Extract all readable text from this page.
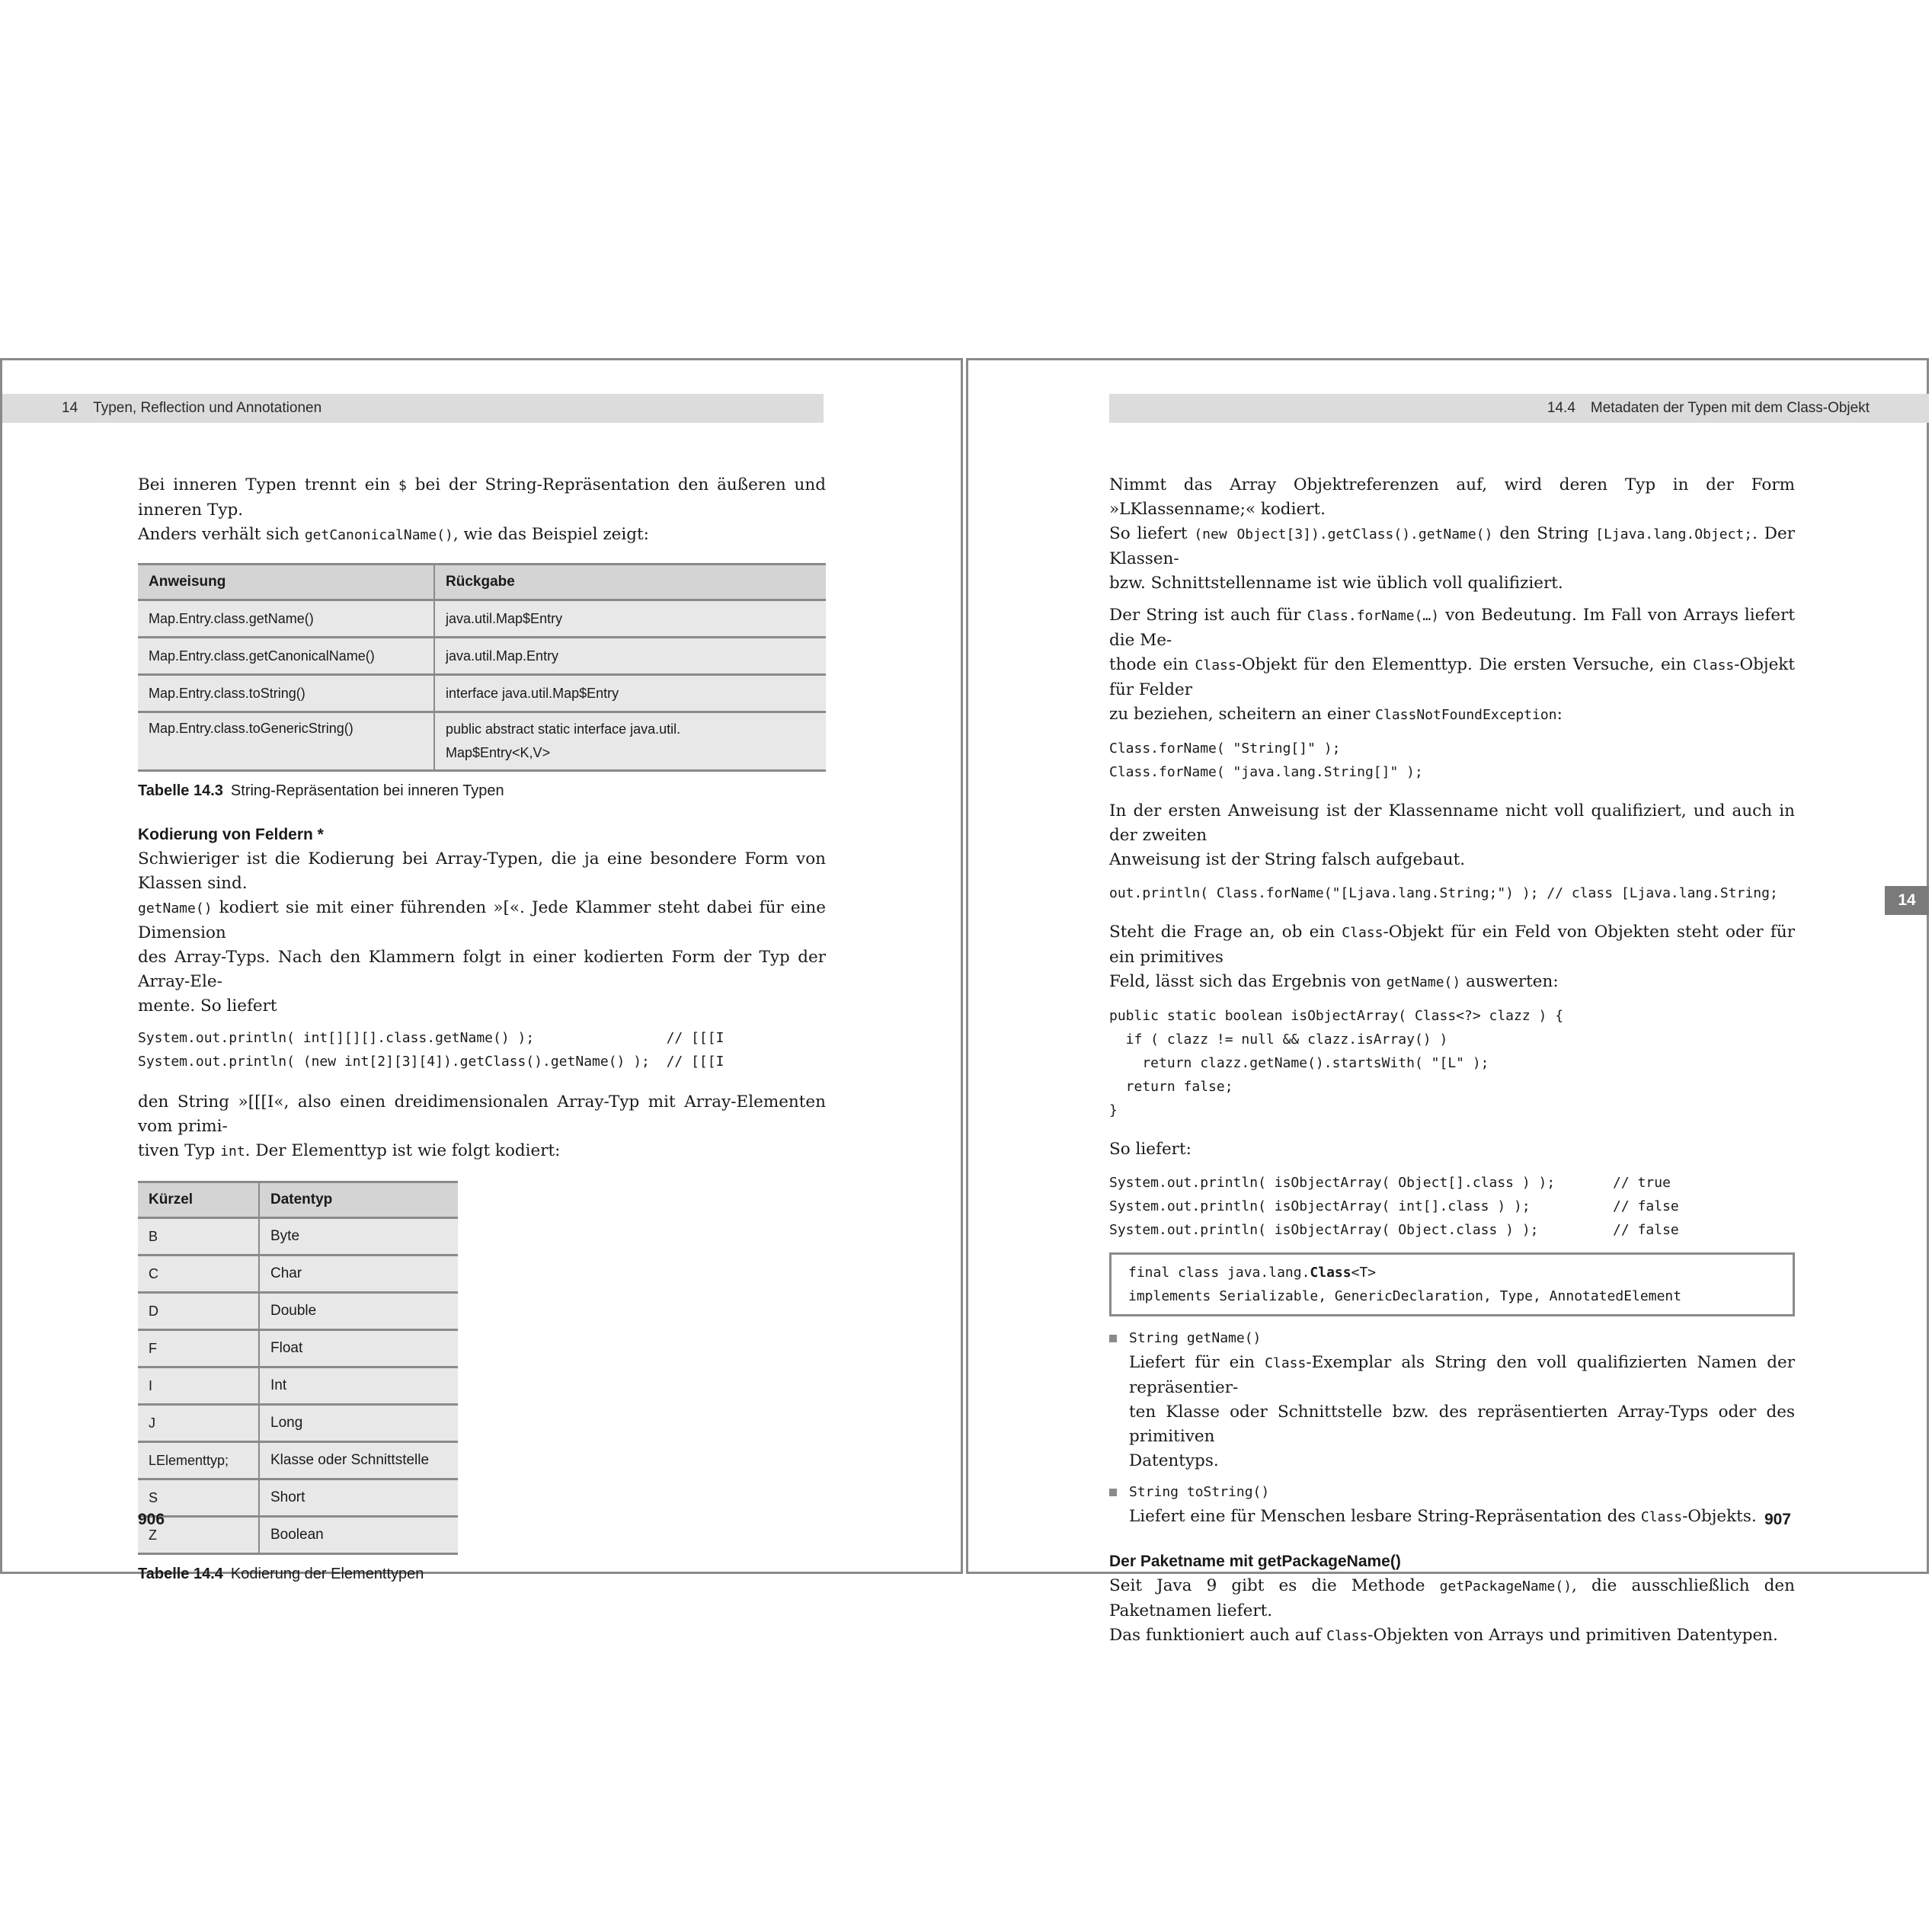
14 Typen, Reflection und Annotationen

Bei inneren Typen trennt ein $ bei der String-Repräsentation den äußeren und inneren Typ.
Anders verhält sich getCanonicalName(), wie das Beispiel zeigt:

Anweisung	Rückgabe
Map.Entry.class.getName()	java.util.Map$Entry
Map.Entry.class.getCanonicalName()	java.util.Map.Entry
Map.Entry.class.toString()	interface java.util.Map$Entry
Map.Entry.class.toGenericString()	public abstract static interface java.util.
Map$Entry<K,V>
Tabelle 14.3 String-Repräsentation bei inneren Typen
Kodierung von Feldern *

Schwieriger ist die Kodierung bei Array-Typen, die ja eine besondere Form von Klassen sind.
getName() kodiert sie mit einer führenden »[«. Jede Klammer steht dabei für eine Dimension
des Array-Typs. Nach den Klammern folgt in einer kodierten Form der Typ der Array-Ele-
mente. So liefert

System.out.println( int[][][].class.getName() );                // [[[I
System.out.println( (new int[2][3][4]).getClass().getName() );  // [[[I

den String »[[[I«, also einen dreidimensionalen Array-Typ mit Array-Elementen vom primi-
tiven Typ int. Der Elementtyp ist wie folgt kodiert:

Kürzel	Datentyp
B	Byte
C	Char
D	Double
F	Float
I	Int
J	Long
LElementtyp;	Klasse oder Schnittstelle
S	Short
Z	Boolean
Tabelle 14.4 Kodierung der Elementtypen
906
14.4 Metadaten der Typen mit dem Class-Objekt
14

Nimmt das Array Objektreferenzen auf, wird deren Typ in der Form »LKlassenname;« kodiert.
So liefert (new Object[3]).getClass().getName() den String [Ljava.lang.Object;. Der Klassen-
bzw. Schnittstellenname ist wie üblich voll qualifiziert.

Der String ist auch für Class.forName(…) von Bedeutung. Im Fall von Arrays liefert die Me-
thode ein Class-Objekt für den Elementtyp. Die ersten Versuche, ein Class-Objekt für Felder
zu beziehen, scheitern an einer ClassNotFoundException:

Class.forName( "String[]" );
Class.forName( "java.lang.String[]" );

In der ersten Anweisung ist der Klassenname nicht voll qualifiziert, und auch in der zweiten
Anweisung ist der String falsch aufgebaut.

out.println( Class.forName("[Ljava.lang.String;") ); // class [Ljava.lang.String;

Steht die Frage an, ob ein Class-Objekt für ein Feld von Objekten steht oder für ein primitives
Feld, lässt sich das Ergebnis von getName() auswerten:

public static boolean isObjectArray( Class<?> clazz ) {
if ( clazz != null && clazz.isArray() )
return clazz.getName().startsWith( "[L" );
return false;
}

So liefert:

System.out.println( isObjectArray( Object[].class ) );       // true
System.out.println( isObjectArray( int[].class ) );          // false
System.out.println( isObjectArray( Object.class ) );         // false
final class java.lang.Class<T>
implements Serializable, GenericDeclaration, Type, AnnotatedElement
String getName()
Liefert für ein Class-Exemplar als String den voll qualifizierten Namen der repräsentier-
ten Klasse oder Schnittstelle bzw. des repräsentierten Array-Typs oder des primitiven
Datentyps.
String toString()
Liefert eine für Menschen lesbare String-Repräsentation des Class-Objekts.
Der Paketname mit getPackageName()

Seit Java 9 gibt es die Methode getPackageName(), die ausschließlich den Paketnamen liefert.
Das funktioniert auch auf Class-Objekten von Arrays und primitiven Datentypen.

907
